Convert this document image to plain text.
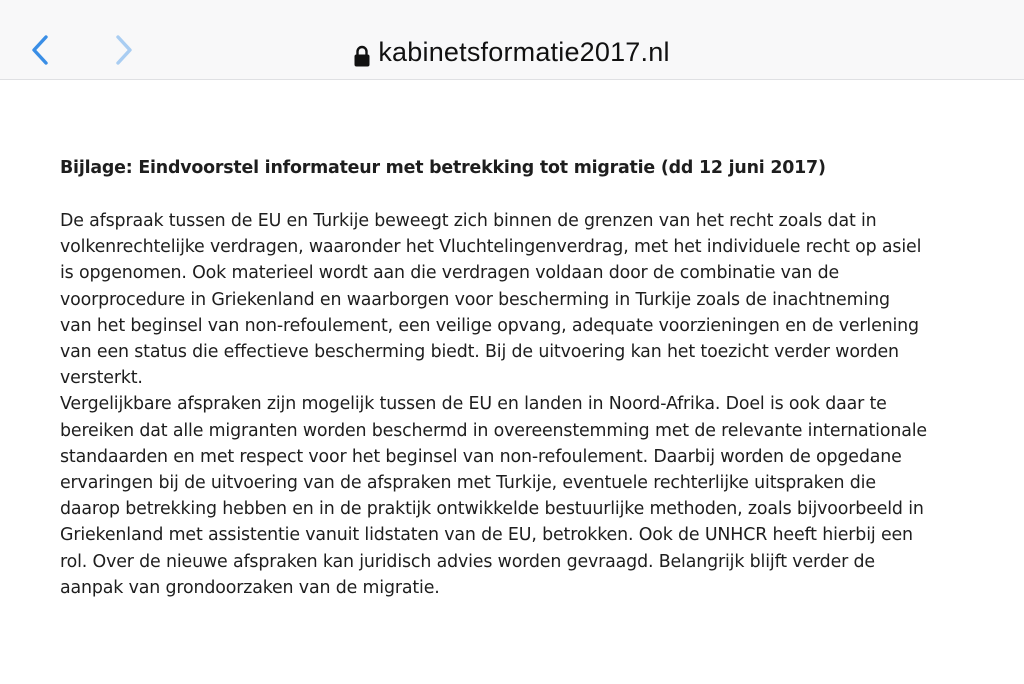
kabinetsformatie2017.nl
Bijlage: Eindvoorstel informateur met betrekking tot migratie (dd 12 juni 2017)
De afspraak tussen de EU en Turkije beweegt zich binnen de grenzen van het recht zoals dat in
volkenrechtelijke verdragen, waaronder het Vluchtelingenverdrag, met het individuele recht op asiel
is opgenomen. Ook materieel wordt aan die verdragen voldaan door de combinatie van de
voorprocedure in Griekenland en waarborgen voor bescherming in Turkije zoals de inachtneming
van het beginsel van non-refoulement, een veilige opvang, adequate voorzieningen en de verlening
van een status die effectieve bescherming biedt. Bij de uitvoering kan het toezicht verder worden
versterkt.
Vergelijkbare afspraken zijn mogelijk tussen de EU en landen in Noord-Afrika. Doel is ook daar te
bereiken dat alle migranten worden beschermd in overeenstemming met de relevante internationale
standaarden en met respect voor het beginsel van non-refoulement. Daarbij worden de opgedane
ervaringen bij de uitvoering van de afspraken met Turkije, eventuele rechterlijke uitspraken die
daarop betrekking hebben en in de praktijk ontwikkelde bestuurlijke methoden, zoals bijvoorbeeld in
Griekenland met assistentie vanuit lidstaten van de EU, betrokken. Ook de UNHCR heeft hierbij een
rol. Over de nieuwe afspraken kan juridisch advies worden gevraagd. Belangrijk blijft verder de
aanpak van grondoorzaken van de migratie.
